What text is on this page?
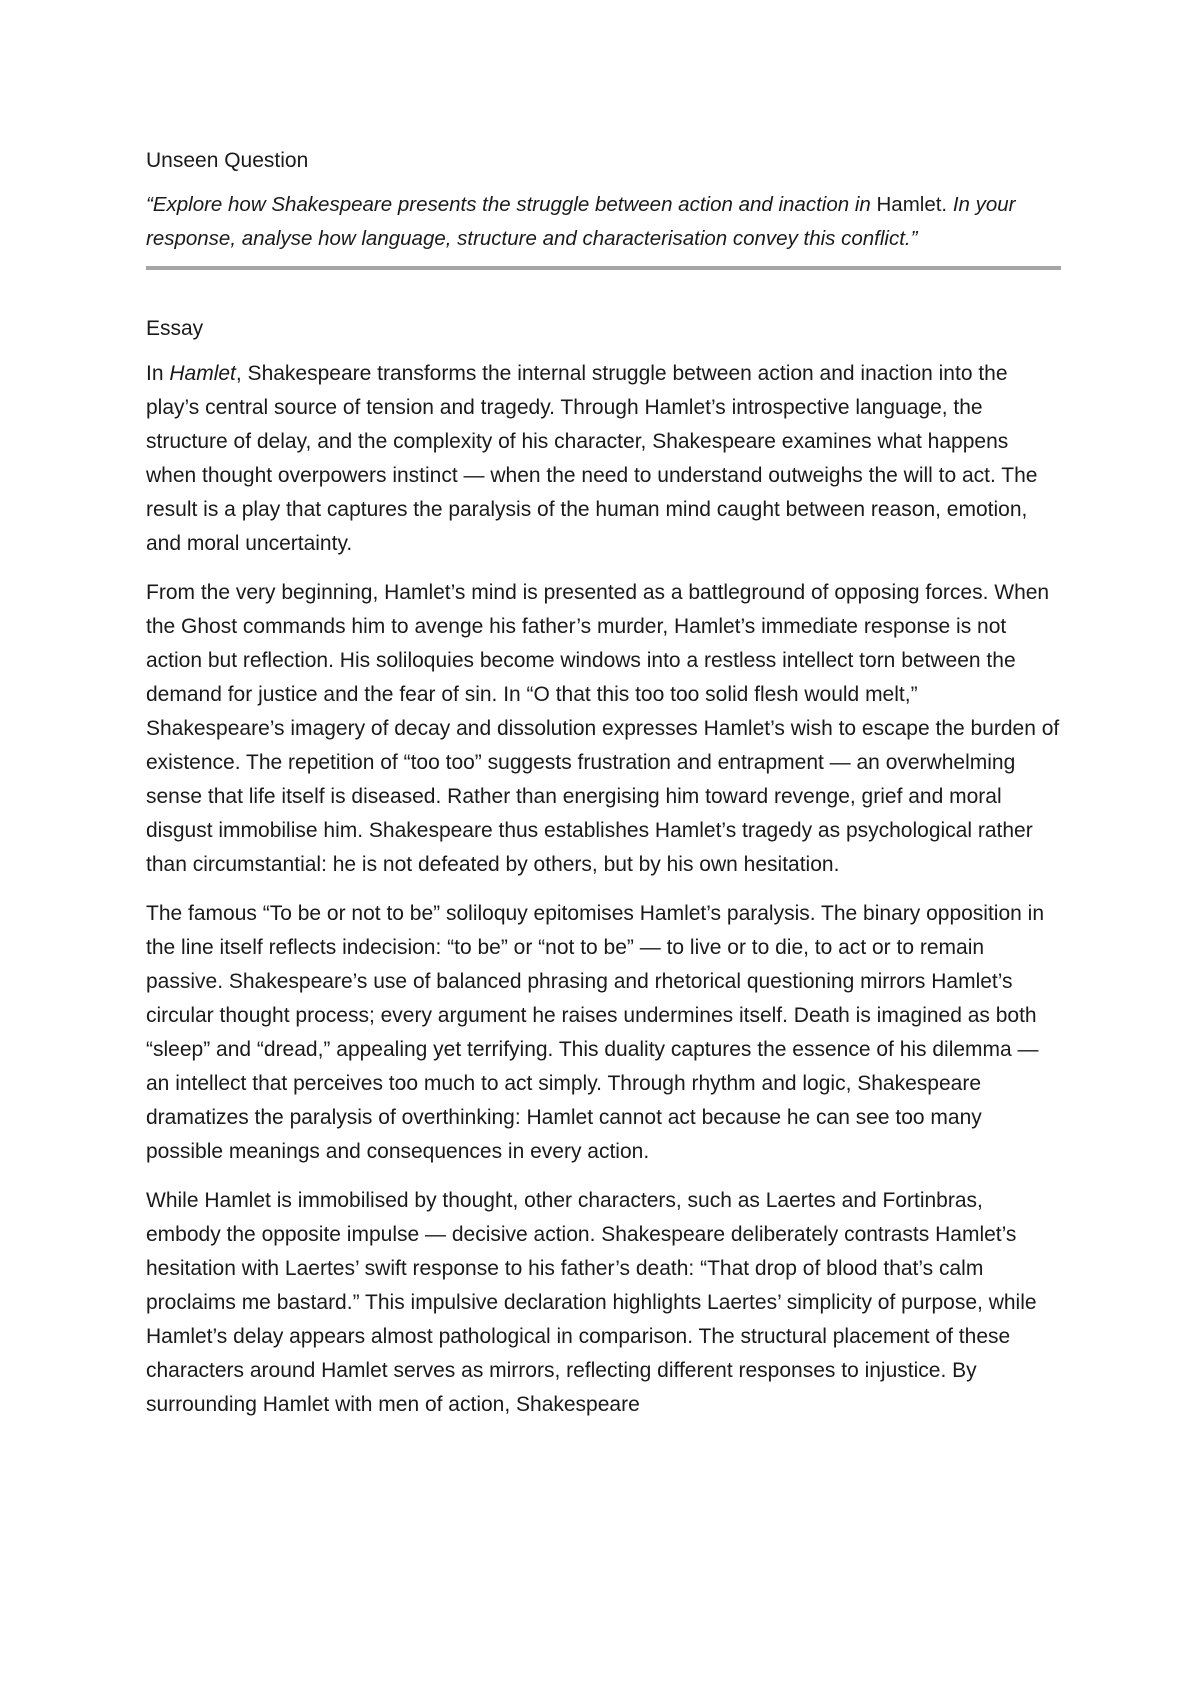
Unseen Question

“Explore how Shakespeare presents the struggle between action and inaction in Hamlet. In your response, analyse how language, structure and characterisation convey this conflict.”

Essay

In Hamlet, Shakespeare transforms the internal struggle between action and inaction into the play’s central source of tension and tragedy. Through Hamlet’s introspective language, the structure of delay, and the complexity of his character, Shakespeare examines what happens when thought overpowers instinct — when the need to understand outweighs the will to act. The result is a play that captures the paralysis of the human mind caught between reason, emotion, and moral uncertainty.

From the very beginning, Hamlet’s mind is presented as a battleground of opposing forces. When the Ghost commands him to avenge his father’s murder, Hamlet’s immediate response is not action but reflection. His soliloquies become windows into a restless intellect torn between the demand for justice and the fear of sin. In “O that this too too solid flesh would melt,” Shakespeare’s imagery of decay and dissolution expresses Hamlet’s wish to escape the burden of existence. The repetition of “too too” suggests frustration and entrapment — an overwhelming sense that life itself is diseased. Rather than energising him toward revenge, grief and moral disgust immobilise him. Shakespeare thus establishes Hamlet’s tragedy as psychological rather than circumstantial: he is not defeated by others, but by his own hesitation.

The famous “To be or not to be” soliloquy epitomises Hamlet’s paralysis. The binary opposition in the line itself reflects indecision: “to be” or “not to be” — to live or to die, to act or to remain passive. Shakespeare’s use of balanced phrasing and rhetorical questioning mirrors Hamlet’s circular thought process; every argument he raises undermines itself. Death is imagined as both “sleep” and “dread,” appealing yet terrifying. This duality captures the essence of his dilemma — an intellect that perceives too much to act simply. Through rhythm and logic, Shakespeare dramatizes the paralysis of overthinking: Hamlet cannot act because he can see too many possible meanings and consequences in every action.

While Hamlet is immobilised by thought, other characters, such as Laertes and Fortinbras, embody the opposite impulse — decisive action. Shakespeare deliberately contrasts Hamlet’s hesitation with Laertes’ swift response to his father’s death: “That drop of blood that’s calm proclaims me bastard.” This impulsive declaration highlights Laertes’ simplicity of purpose, while Hamlet’s delay appears almost pathological in comparison. The structural placement of these characters around Hamlet serves as mirrors, reflecting different responses to injustice. By surrounding Hamlet with men of action, Shakespeare
